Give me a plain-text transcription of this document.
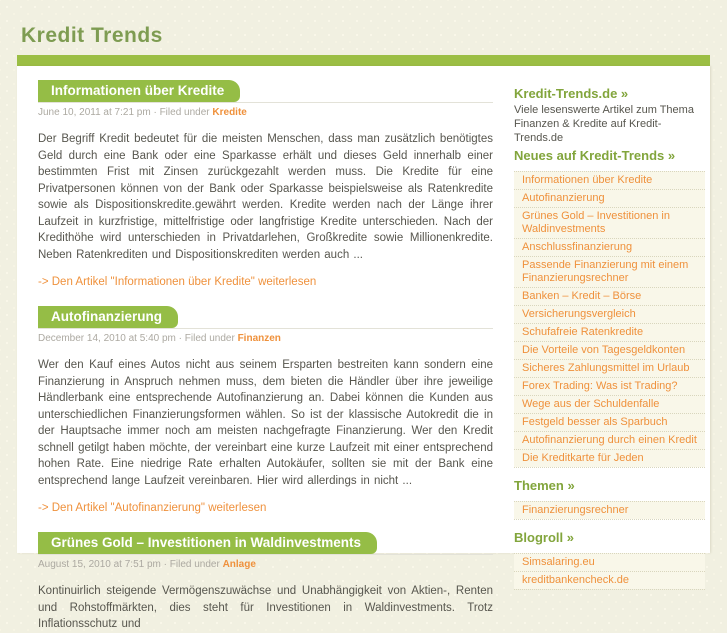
Kredit Trends
Informationen über Kredite
June 10, 2011 at 7:21 pm · Filed under Kredite

Der Begriff Kredit bedeutet für die meisten Menschen, dass man zusätzlich benötigtes Geld durch eine Bank oder eine Sparkasse erhält und dieses Geld innerhalb einer bestimmten Frist mit Zinsen zurückgezahlt werden muss. Die Kredite für eine Privatpersonen können von der Bank oder Sparkasse beispielsweise als Ratenkredite sowie als Dispositionskredite.gewährt werden. Kredite werden nach der Länge ihrer Laufzeit in kurzfristige, mittelfristige oder langfristige Kredite unterschieden. Nach der Kredithöhe wird unterschieden in Privatdarlehen, Großkredite sowie Millionenkredite. Neben Ratenkrediten und Dispositionskrediten werden auch ...

-> Den Artikel "Informationen über Kredite" weiterlesen
Autofinanzierung
December 14, 2010 at 5:40 pm · Filed under Finanzen

Wer den Kauf eines Autos nicht aus seinem Ersparten bestreiten kann sondern eine Finanzierung in Anspruch nehmen muss, dem bieten die Händler über ihre jeweilige Händlerbank eine entsprechende Autofinanzierung an. Dabei können die Kunden aus unterschiedlichen Finanzierungsformen wählen. So ist der klassische Autokredit die in der Hauptsache immer noch am meisten nachgefragte Finanzierung. Wer den Kredit schnell getilgt haben möchte, der vereinbart eine kurze Laufzeit mit einer entsprechend hohen Rate. Eine niedrige Rate erhalten Autokäufer, sollten sie mit der Bank eine entsprechend lange Laufzeit vereinbaren. Hier wird allerdings in nicht ...

-> Den Artikel "Autofinanzierung" weiterlesen
Grünes Gold – Investitionen in Waldinvestments
August 15, 2010 at 7:51 pm · Filed under Anlage

Kontinuirlich steigende Vermögenszuwächse und Unabhängigkeit von Aktien-, Renten und Rohstoffmärkten, dies steht für Investitionen in Waldinvestments. Trotz Inflationsschutz und

Kredit-Trends.de »

Viele lesenswerte Artikel zum Thema Finanzen & Kredite auf Kredit-Trends.de

Neues auf Kredit-Trends »
Informationen über Kredite
Autofinanzierung
Grünes Gold – Investitionen in Waldinvestments
Anschlussfinanzierung
Passende Finanzierung mit einem Finanzierungsrechner
Banken – Kredit – Börse
Versicherungsvergleich
Schufafreie Ratenkredite
Die Vorteile von Tagesgeldkonten
Sicheres Zahlungsmittel im Urlaub
Forex Trading: Was ist Trading?
Wege aus der Schuldenfalle
Festgeld besser als Sparbuch
Autofinanzierung durch einen Kredit
Die Kreditkarte für Jeden
Themen »
Finanzierungsrechner
Blogroll »
Simsalaring.eu
kreditbankencheck.de
